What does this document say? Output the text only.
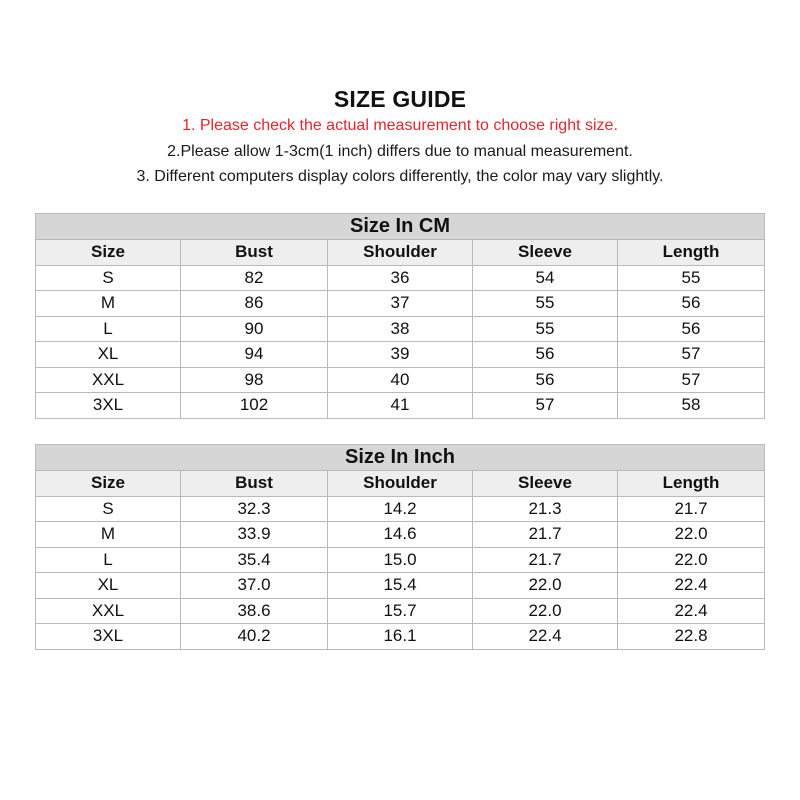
SIZE GUIDE
1. Please check the actual measurement to choose right size.
2.Please allow 1-3cm(1 inch) differs due to manual measurement.
3. Different computers display colors differently, the color may vary slightly.
Size In CM				
Size	Bust	Shoulder	Sleeve	Length
S	82	36	54	55
M	86	37	55	56
L	90	38	55	56
XL	94	39	56	57
XXL	98	40	56	57
3XL	102	41	57	58
Size In Inch				
Size	Bust	Shoulder	Sleeve	Length
S	32.3	14.2	21.3	21.7
M	33.9	14.6	21.7	22.0
L	35.4	15.0	21.7	22.0
XL	37.0	15.4	22.0	22.4
XXL	38.6	15.7	22.0	22.4
3XL	40.2	16.1	22.4	22.8
